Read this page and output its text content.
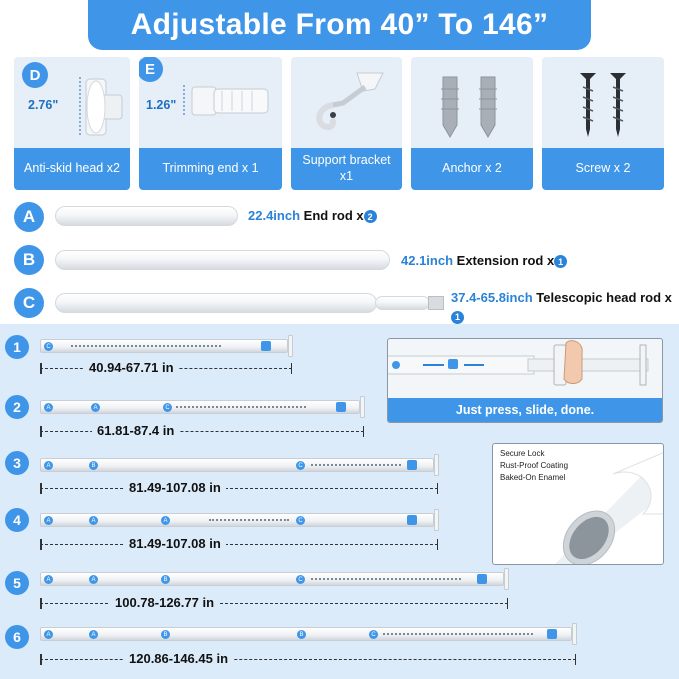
Adjustable From 40” To 146”
D
2.76"
Anti-skid head x2
E
1.26"
Trimming end x 1
Support bracket x1
Anchor x 2	Screw x 2
A	22.4inch End rod x 2
B	42.1inch Extension rod x 1
C	37.4-65.8inch Telescopic head rod x1
1	C
40.94-67.71 in
2	A	A	C
61.81-87.4 in
3	A	B	C
81.49-107.08 in
4	A	A	A	C
81.49-107.08 in
5	A	A	B	C
100.78-126.77 in
6	A	A	B	B	C
120.86-146.45 in
Just press, slide, done.
Secure Lock
Rust-Proof Coating
Baked-On Enamel
